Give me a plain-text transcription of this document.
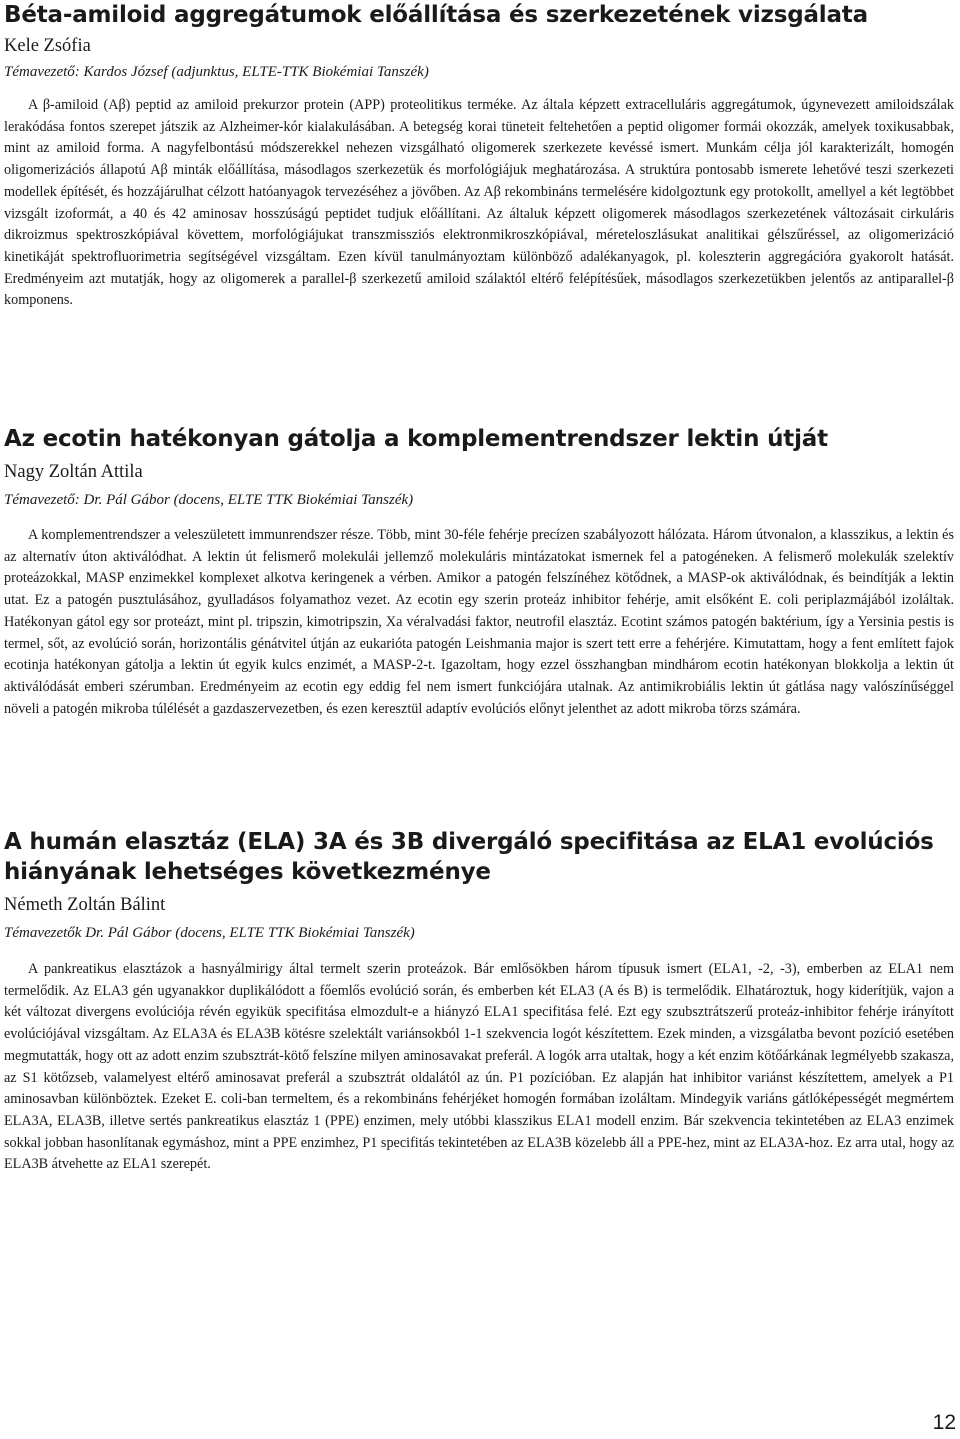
Béta-amiloid aggregátumok előállítása és szerkezetének vizsgálata

Kele Zsófia

Témavezető: Kardos József (adjunktus, ELTE-TTK Biokémiai Tanszék)

A β-amiloid (Aβ) peptid az amiloid prekurzor protein (APP) proteolitikus terméke. Az általa képzett extracelluláris aggregátumok, úgynevezett amiloidszálak lerakódása fontos szerepet játszik az Alzheimer-kór kialakulásában. A betegség korai tüneteit feltehetően a peptid oligomer formái okozzák, amelyek toxikusabbak, mint az amiloid forma. A nagyfelbontású módszerekkel nehezen vizsgálható oligomerek szerkezete kevéssé ismert. Munkám célja jól karakterizált, homogén oligomerizációs állapotú Aβ minták előállítása, másodlagos szerkezetük és morfológiájuk meghatározása. A struktúra pontosabb ismerete lehetővé teszi szerkezeti modellek építését, és hozzájárulhat célzott hatóanyagok tervezéséhez a jövőben. Az Aβ rekombináns termelésére kidolgoztunk egy protokollt, amellyel a két legtöbbet vizsgált izoformát, a 40 és 42 aminosav hosszúságú peptidet tudjuk előállítani. Az általuk képzett oligomerek másodlagos szerkezetének változásait cirkuláris dikroizmus spektroszkópiával követtem, morfológiájukat transzmissziós elektronmikroszkópiával, méreteloszlásukat analitikai gélszűréssel, az oligomerizáció kinetikáját spektrofluorimetria segítségével vizsgáltam. Ezen kívül tanulmányoztam különböző adalékanyagok, pl. koleszterin aggregációra gyakorolt hatását. Eredményeim azt mutatják, hogy az oligomerek a parallel-β szerkezetű amiloid szálaktól eltérő felépítésűek, másodlagos szerkezetükben jelentős az antiparallel-β komponens.

Az ecotin hatékonyan gátolja a komplementrendszer lektin útját

Nagy Zoltán Attila

Témavezető: Dr. Pál Gábor (docens, ELTE TTK Biokémiai Tanszék)

A komplementrendszer a veleszületett immunrendszer része. Több, mint 30-féle fehérje precízen szabályozott hálózata. Három útvonalon, a klasszikus, a lektin és az alternatív úton aktiválódhat. A lektin út felismerő molekulái jellemző molekuláris mintázatokat ismernek fel a patogéneken. A felismerő molekulák szelektív proteázokkal, MASP enzimekkel komplexet alkotva keringenek a vérben. Amikor a patogén felszínéhez kötődnek, a MASP-ok aktiválódnak, és beindítják a lektin utat. Ez a patogén pusztulásához, gyulladásos folyamathoz vezet. Az ecotin egy szerin proteáz inhibitor fehérje, amit elsőként E. coli periplazmájából izoláltak. Hatékonyan gátol egy sor proteázt, mint pl. tripszin, kimotripszin, Xa véralvadási faktor, neutrofil elasztáz. Ecotint számos patogén baktérium, így a Yersinia pestis is termel, sőt, az evolúció során, horizontális génátvitel útján az eukarióta patogén Leishmania major is szert tett erre a fehérjére. Kimutattam, hogy a fent említett fajok ecotinja hatékonyan gátolja a lektin út egyik kulcs enzimét, a MASP-2-t. Igazoltam, hogy ezzel összhangban mindhárom ecotin hatékonyan blokkolja a lektin út aktiválódását emberi szérumban. Eredményeim az ecotin egy eddig fel nem ismert funkciójára utalnak. Az antimikrobiális lektin út gátlása nagy valószínűséggel növeli a patogén mikroba túlélését a gazdaszervezetben, és ezen keresztül adaptív evolúciós előnyt jelenthet az adott mikroba törzs számára.

A humán elasztáz (ELA) 3A és 3B divergáló specifitása az ELA1 evolúciós hiányának lehetséges következménye

Németh Zoltán Bálint

Témavezetők Dr. Pál Gábor (docens, ELTE TTK Biokémiai Tanszék)

A pankreatikus elasztázok a hasnyálmirigy által termelt szerin proteázok. Bár emlősökben három típusuk ismert (ELA1, -2, -3), emberben az ELA1 nem termelődik. Az ELA3 gén ugyanakkor duplikálódott a főemlős evolúció során, és emberben két ELA3 (A és B) is termelődik. Elhatároztuk, hogy kiderítjük, vajon a két változat divergens evolúciója révén egyikük specifitása elmozdult-e a hiányzó ELA1 specifitása felé. Ezt egy szubsztrátszerű proteáz-inhibitor fehérje irányított evolúciójával vizsgáltam. Az ELA3A és ELA3B kötésre szelektált variánsokból 1-1 szekvencia logót készítettem. Ezek minden, a vizsgálatba bevont pozíció esetében megmutatták, hogy ott az adott enzim szubsztrát-kötő felszíne milyen aminosavakat preferál. A logók arra utaltak, hogy a két enzim kötőárkának legmélyebb szakasza, az S1 kötőzseb, valamelyest eltérő aminosavat preferál a szubsztrát oldalától az ún. P1 pozícióban. Ez alapján hat inhibitor variánst készítettem, amelyek a P1 aminosavban különböztek. Ezeket E. coli-ban termeltem, és a rekombináns fehérjéket homogén formában izoláltam. Mindegyik variáns gátlóképességét megmértem ELA3A, ELA3B, illetve sertés pankreatikus elasztáz 1 (PPE) enzimen, mely utóbbi klasszikus ELA1 modell enzim. Bár szekvencia tekintetében az ELA3 enzimek sokkal jobban hasonlítanak egymáshoz, mint a PPE enzimhez, P1 specifitás tekintetében az ELA3B közelebb áll a PPE-hez, mint az ELA3A-hoz. Ez arra utal, hogy az ELA3B átvehette az ELA1 szerepét.

12
